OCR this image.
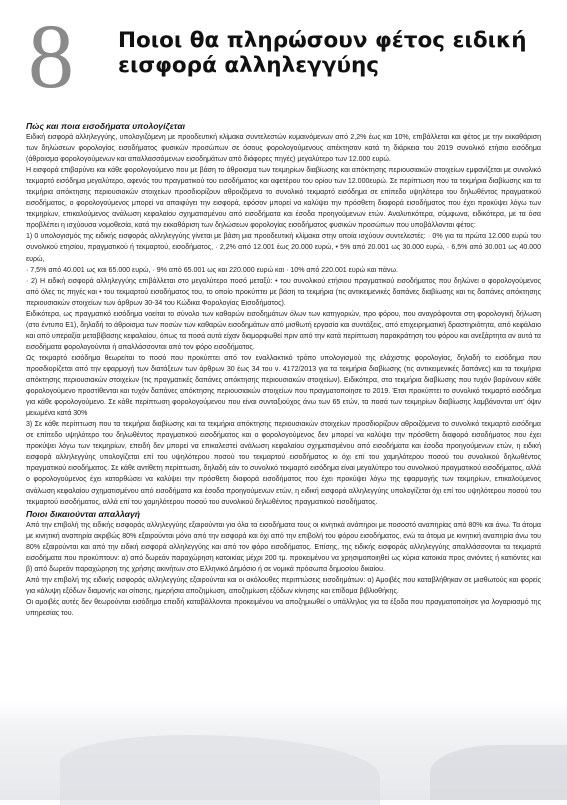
8	Ποιοι θα πληρώσουν φέτος ειδική εισφορά αλληλεγγύης

Πώς και ποια εισοδήματα υπολογίζεται

Ειδική εισφορά αλληλεγγύης, υπολογιζόμενη με προοδευτική κλίμακα συντελεστών κυμαινόμενων από 2,2% έως και 10%, επιβάλλεται και φέτος με την εκκαθάριση των δηλώσεων φορολογίας εισοδήματος φυσικών προσώπων σε όσους φορολογούμενους απέκτησαν κατά τη διάρκεια του 2019 συνολικό ετήσιο εισόδημα (άθροισμα φορολογούμενων και απαλλασσόμενων εισοδημάτων από διάφορες πηγές) μεγαλύτερο των 12.000 ευρώ.

Η εισφορά επιβαρύνει και κάθε φορολογούμενο που με βάση το άθροισμα των τεκμηρίων διαβίωσης και απόκτησης περιουσιακών στοιχείων εμφανίζεται με συνολικό τεκμαρτό εισόδημα μεγαλύτερο, αφενός του πραγματικού του εισοδήματος και αφετέρου του ορίου των 12.000ευρώ. Σε περίπτωση που τα τεκμήρια διαβίωσης και τα τεκμήρια απόκτησης περιουσιακών στοιχείων προσδιορίζουν αθροιζόμενα το συνολικό τεκμαρτό εισόδημα σε επίπεδο υψηλότερο του δηλωθέντος πραγματικού εισοδήματος, ο φορολογούμενος μπορεί να απαιφύγει την εισφορά, εφόσον μπορεί να καλύψει την πρόσθετη διαφορά εισοδήματος που έχει προκύψει λόγω των τεκμηρίων, επικαλούμενος ανάλωση κεφαλαίου σχηματισμένου από εισοδήματα και έσοδα προηγούμενων ετών. Αναλυτικότερα, σύμφωνα, ειδικότερα, με τα όσα προβλέπει η ισχύουσα νομοθεσία, κατά την εκκαθάριση των δηλώσεων φορολογίας εισοδήματος φυσικών προσώπων που υποβάλλονται φέτος:

1) 0 υπολογισμός της ειδικής εισφοράς αλληλεγγύης γίνεται με βάση μια προοδευτική κλίμακα στην οποία ισχύουν συντελεστές: · 0% για τα πρώτα 12.000 ευρώ του συνολικού ετησίου, πραγματικού ή τεκμαρτού, εισοδήματος, · 2,2% από 12.001 έως 20.000 ευρώ, • 5% από 20.001 ως 30.000 ευρώ, · 6,5% από 30.001 ως 40.000 ευρώ,

· 7,5% από 40.001 ως και 65.000 ευρώ, · 9% από 65.001 ως και 220.000 ευρώ και · 10% από 220.001 ευρώ και πάνω.

· 2) Η ειδική εισφορά αλληλεγγύης επιβάλλεται στο μεγαλύτερο ποσό μεταξύ: • του συνολικού ετήσιου πραγματικού εισοδήματος που δηλώνει ο φορολογούμενος από όλες τις πηγές και • του τεκμαρτού εισοδήματος του, το οποίο προκύπτει με βάση τα τεκμήρια (τις αντικειμενικές δαπάνες διαβίωσης και τις δαπάνες απόκτησης περιουσιακών στοιχείων των άρθρων 30-34 του Κώδικα Φορολογίας Εισοδήματος).

Ειδικότερα, ως πραγματικό εισόδημα νοείται το σύνολο των καθαρών εισοδημάτων όλων των κατηγοριών, προ φόρου, που αναγράφονται στη φορολογική δήλωση (στο έντυπο Ε1), δηλαδή το άθροισμα των ποσών των καθαρών εισοδημάτων από μισθωτή εργασία και συντάξεις, από επιχειρηματική δραστηριότητα, από κεφάλαιο και από υπεραξία μεταβίβασης κεφαλαίου, όπως τα ποσά αυτά είχαν διαμορφωθεί πριν από την κατά περίπτωση παρακράτηση του φόρου και ανεξάρτητα αν αυτά τα εισοδήματα φορολογούνται ή απαλλάσσονται από τον φόρο εισοδήματος.

Ως τεκμαρτό εισόδημα θεωρείται το ποσό που προκύπτει από τον εναλλακτικό τρόπο υπολογισμού της ελάχιστης φορολογίας, δηλαδή το εισόδημα που προσδιορίζεται από την εφαρμογή των διατάξεων των άρθρων 30 έως 34 του ν. 4172/2013 για τα τεκμήρια διαβίωσης (τις αντικειμενικές δαπάνες) και τα τεκμήρια απόκτησης περιουσιακών στοιχείων (τις πραγματικές δαπάνες απόκτησης περιουσιακών στοιχείων). Ειδικότερα, στα τεκμήρια διαβίωσης που τυχόν βαρύνουν κάθε φορολογούμενο προστίθενται και τυχόν δαπάνες απόκτησης περιουσιακών στοιχείων που πραγματοποίησε το 2019. Έτσι προκύπτει το συνολικό τεκμαρτό εισόδημα για κάθε φορολογούμενο. Σε κάθε περίπτωση φορολογούμενου που είναι συνταξιούχος άνω των 65 ετών, τα ποσά των τεκμηρίων διαβίωσης λαμβάνονται υπ' όψιν μειωμένα κατά 30%

3) Σε κάθε περίπτωση που τα τεκμήρια διαβίωσης και τα τεκμήρια απόκτησης περιουσιακών στοιχείων προσδιορίζουν αθροιζόμενα το συνολικό τεκμαρτό εισόδημα σε επίπεδο υψηλότερο του δηλωθέντος πραγματικού εισοδήματος και ο φορολογούμενος δεν μπορεί να καλύψει την πρόσθετη διαφορά εισοδήματος που έχει προκύψει λόγω των τεκμηρίων, επειδή δεν μπορεί να επικαλεστεί ανάλωση κεφαλαίου σχηματισμένου από εισοδήματα και έσοδα προηγούμενων ετών, η ειδική εισφορά αλληλεγγύης υπολογίζεται επί του υψηλότερου ποσού του τεκμαρτού εισοδήματος κι όχι επί του χαμηλότερου ποσού του συνολικού δηλωθέντος πραγματικού εισοδήματος. Σε κάθε αντίθετη περίπτωση, δηλαδή εάν το συνολικό τεκμαρτό εισόδημα είναι μεγαλύτερο του συνολικού πραγματικού εισοδήματος, αλλά ο φορολογούμενος έχει κατορθώσει να καλύψει την πρόσθετη διαφορά εισοδήματος που έχει προκύψει λόγω της εφαρμογής των τεκμηρίων, επικαλούμενος ανάλωση κεφαλαίου σχηματισμένου από εισοδήματα και έσοδα προηγούμενων ετών, η ειδική εισφορά αλληλεγγύης υπολογίζεται όχι επί του υψηλότερου ποσού του τεκμαρτού εισοδήματος, αλλά επί του χαμηλότερου ποσού του συνολικού δηλωθέντος πραγματικού εισοδήματος.

Ποιοι δικαιούνται απαλλαγή

Από την επιβολή της ειδικής εισφοράς αλληλεγγύης εξαιρούνται για όλα τα εισοδήματα τους οι κινητικά ανάπηροι με ποσοστό αναπηρίας από 80% και άνω. Τα άτομα με κινητική αναπηρία ακριβώς 80% εξαιρούνται μόνο από την εισφορά και όχι από την επιβολή του φόρου εισοδήματος, ενώ τα άτομα με κινητική αναπηρία άνω του 80% εξαιρούνται και από την ειδική εισφορά αλληλεγγύης και από τον φόρο εισοδήματος. Επίσης, της ειδικής εισφοράς αλληλεγγύης απαλλάσσονται τα τεκμαρτά εισοδήματα που προκύπτουν: α) από δωρεάν παραχώρηση κατοικίας μέχρι 200 τμ. προκειμένου να χρησιμοποιηθεί ως κύρια κατοικία προς ανιόντες ή κατιόντες και β) από δωρεάν παραχώρηση της χρήσης ακινήτων στο Ελληνικό Δημόσιο ή σε νομικά πρόσωπα δημοσίου δικαίου.

Από την επιβολή της ειδικής εισφοράς αλληλεγγύης εξαιρούνται και οι ακόλουθες περιπτώσεις εισοδημάτων: α) Αμοιβές που καταβλήθηκαν σε μισθωτούς και φορείς για κάλυψη εξόδων διαμονής και σίτισης, ημερήσια αποζημίωση, αποζημίωση εξόδων κίνησης και επίδομα βιβλιοθήκης.

Οι αμοιβές αυτές δεν θεωρούνται εισόδημα επειδή καταβάλλονται προκειμένου να αποζημιωθεί ο υπάλληλος για τα έξοδα που πραγματοποίησε για λογαριασμό της υπηρεσίας του.
